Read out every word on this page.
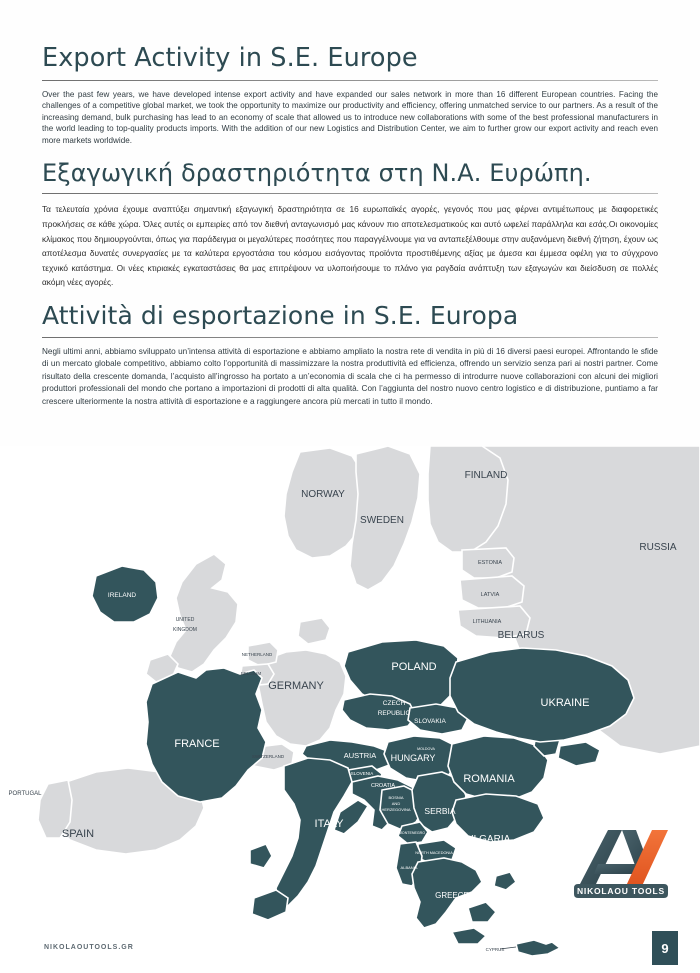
NORWAY
SWEDEN
FINLAND
RUSSIA
ESTONIA
LATVIA
LITHUANIA
BELARUS
GERMANY
NETHERLAND
BELGIUM
UNITED
KINGDOM
PORTUGAL
SPAIN
SWITZERLAND
IRELAND
FRANCE
POLAND
UKRAINE
ROMANIA
BULGARIA
SERBIA
HUNGARY
ITALY
GREECE
CROATIA
SLOVENIA
BOSNIA
AND
HERZEGOVINA
MONTENEGRO
NORTH MACEDONIA
ALBANIA
SLOVAKIA
CZECH
REPUBLIC
AUSTRIA
MOLDOVA
CYPRUS
Export Activity in S.E. Europe

Over the past few years, we have developed intense export activity and have expanded our sales network in more than 16 different European countries. Facing the challenges of a competitive global market, we took the opportunity to maximize our productivity and efficiency, offering unmatched service to our partners. As a result of the increasing demand, bulk purchasing has lead to an economy of scale that allowed us to introduce new collaborations with some of the best professional manufacturers in the world leading to top-quality products imports. With the addition of our new Logistics and Distribution Center, we aim to further grow our export activity and reach even more markets worldwide.

Εξαγωγική δραστηριότητα στη Ν.Α. Ευρώπη.

Τα τελευταία χρόνια έχουμε αναπτύξει σημαντική εξαγωγική δραστηριότητα σε 16 ευρωπαϊκές αγορές, γεγονός που μας φέρνει αντιμέτωπους με διαφορετικές προκλήσεις σε κάθε χώρα. Όλες αυτές οι εμπειρίες από τον διεθνή ανταγωνισμό μας κάνουν πιο αποτελεσματικούς και αυτό ωφελεί παράλληλα και εσάς.Οι οικονομίες κλίμακος που δημιουργούνται, όπως για παράδειγμα οι μεγαλύτερες ποσότητες που παραγγέλνουμε για να ανταπεξέλθουμε στην αυξανόμενη διεθνή ζήτηση, έχουν ως αποτέλεσμα δυνατές συνεργασίες με τα καλύτερα εργοστάσια του κόσμου εισάγοντας προϊόντα προστιθέμενης αξίας με άμεσα και έμμεσα οφέλη για το σύγχρονο τεχνικό κατάστημα. Οι νέες κτιριακές εγκαταστάσεις θα μας επιτρέψουν να υλοποιήσουμε το πλάνο για ραγδαία ανάπτυξη των εξαγωγών και διείσδυση σε πολλές ακόμη νέες αγορές.

Attività di esportazione in S.E. Europa

Negli ultimi anni, abbiamo sviluppato un’intensa attività di esportazione e abbiamo ampliato la nostra rete di vendita in più di 16 diversi paesi europei. Affrontando le sfide di un mercato globale competitivo, abbiamo colto l’opportunità di massimizzare la nostra produttività ed efficienza, offrendo un servizio senza pari ai nostri partner. Come risultato della crescente domanda, l’acquisto all’ingrosso ha portato a un’economia di scala che ci ha permesso di introdurre nuove collaborazioni con alcuni dei migliori produttori professionali del mondo che portano a importazioni di prodotti di alta qualità. Con l’aggiunta del nostro nuovo centro logistico e di distribuzione, puntiamo a far crescere ulteriormente la nostra attività di esportazione e a raggiungere ancora più mercati in tutto il mondo.

NIKOLAOU TOOLS
NIKOLAOUTOOLS.GR	9
